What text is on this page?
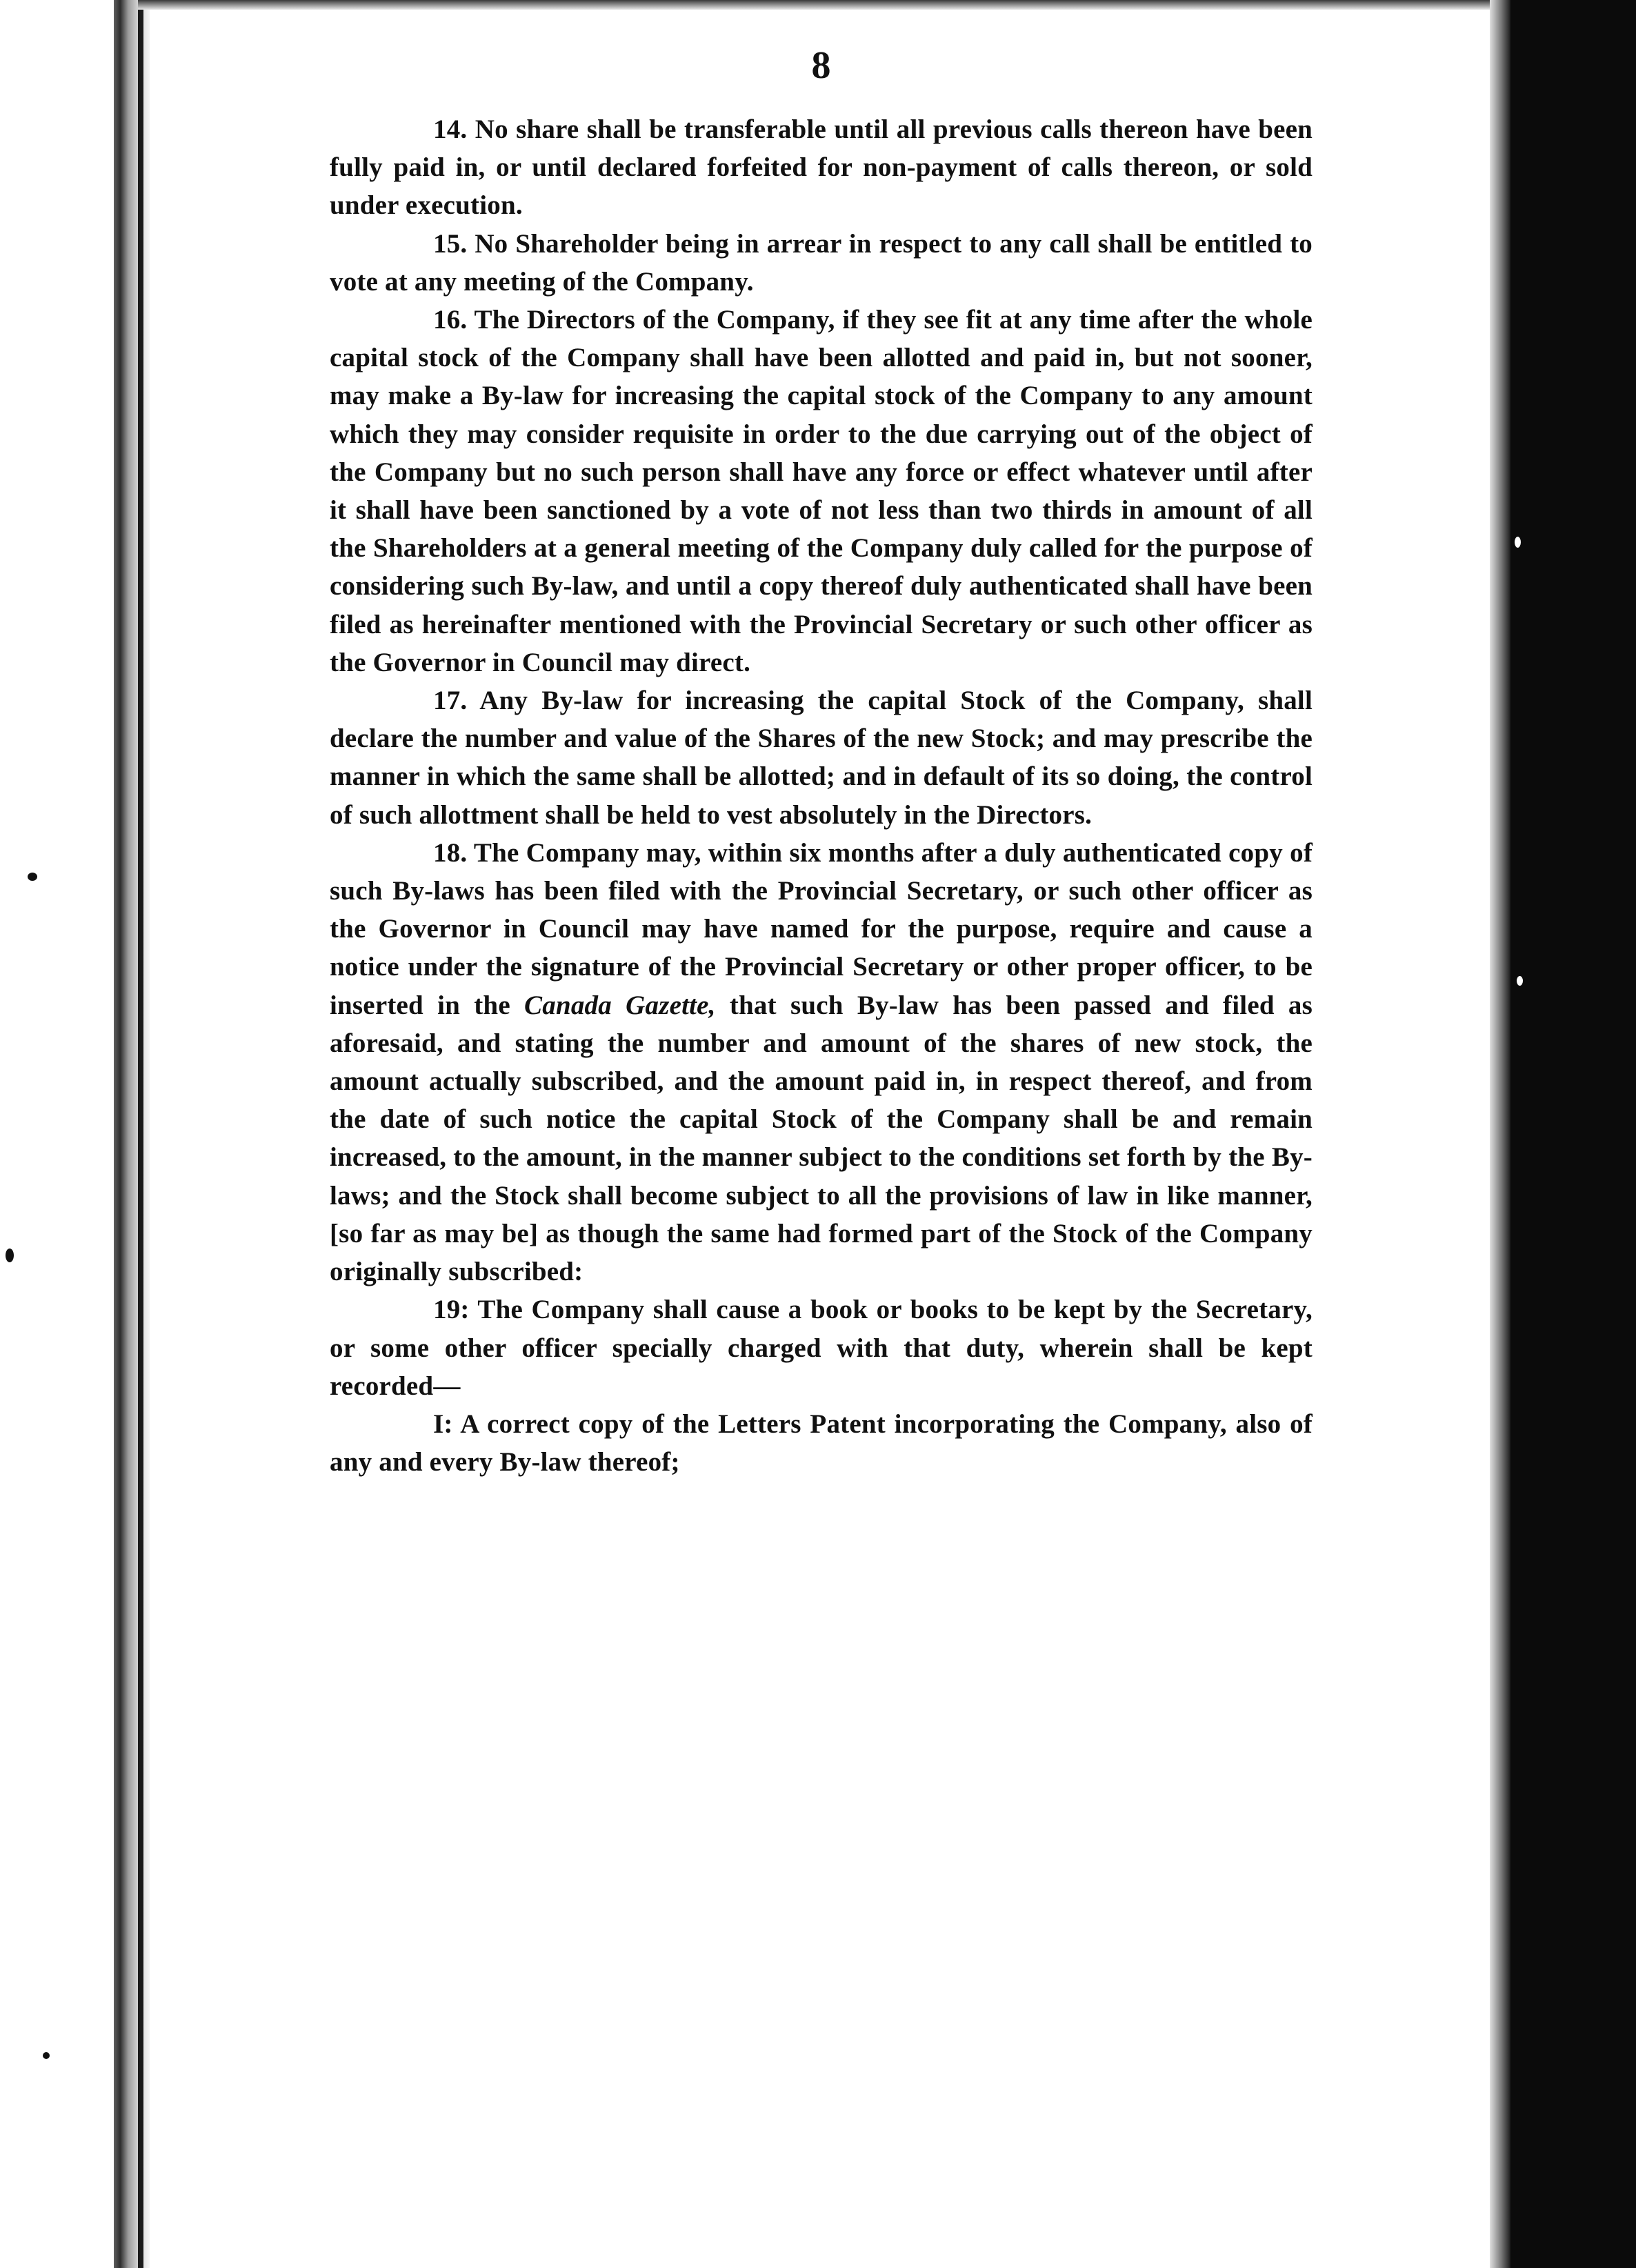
8

14. No share shall be transferable until all previous calls thereon have been fully paid in, or until declared forfeited for non-payment of calls thereon, or sold under execution.

15. No Shareholder being in arrear in respect to any call shall be entitled to vote at any meeting of the Company.

16. The Directors of the Company, if they see fit at any time after the whole capital stock of the Company shall have been allotted and paid in, but not sooner, may make a By-law for increasing the capital stock of the Company to any amount which they may consider requisite in order to the due carrying out of the object of the Company but no such person shall have any force or effect whatever until after it shall have been sanctioned by a vote of not less than two thirds in amount of all the Shareholders at a general meeting of the Company duly called for the purpose of considering such By-law, and until a copy thereof duly authenticated shall have been filed as hereinafter mentioned with the Provincial Secretary or such other officer as the Governor in Council may direct.

17. Any By-law for increasing the capital Stock of the Company, shall declare the number and value of the Shares of the new Stock; and may prescribe the manner in which the same shall be allotted; and in default of its so doing, the control of such allottment shall be held to vest absolutely in the Directors.

18. The Company may, within six months after a duly authenticated copy of such By-laws has been filed with the Provincial Secretary, or such other officer as the Governor in Council may have named for the purpose, require and cause a notice under the signature of the Provincial Secretary or other proper officer, to be inserted in the Canada Gazette, that such By-law has been passed and filed as aforesaid, and stating the number and amount of the shares of new stock, the amount actually subscribed, and the amount paid in, in respect thereof, and from the date of such notice the capital Stock of the Company shall be and remain increased, to the amount, in the manner subject to the conditions set forth by the By-laws; and the Stock shall become subject to all the provisions of law in like manner, [so far as may be] as though the same had formed part of the Stock of the Company originally subscribed:

19: The Company shall cause a book or books to be kept by the Secretary, or some other officer specially charged with that duty, wherein shall be kept recorded—

I: A correct copy of the Letters Patent incorporating the Company, also of any and every By-law thereof;
